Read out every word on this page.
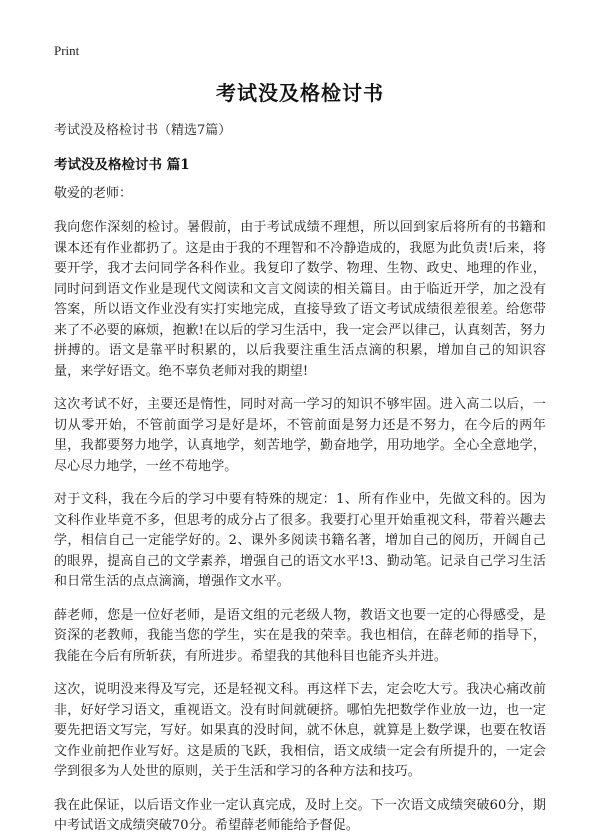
Print
考试没及格检讨书
考试没及格检讨书（精选7篇）
考试没及格检讨书 篇1
敬爱的老师：

我向您作深刻的检讨。暑假前，由于考试成绩不理想，所以回到家后将所有的书籍和课本还有作业都扔了。这是由于我的不理智和不冷静造成的，我愿为此负责!后来，将要开学，我才去问同学各科作业。我复印了数学、物理、生物、政史、地理的作业，同时问到语文作业是现代文阅读和文言文阅读的相关篇目。由于临近开学，加之没有答案，所以语文作业没有实打实地完成，直接导致了语文考试成绩很差很差。给您带来了不必要的麻烦，抱歉!在以后的学习生活中，我一定会严以律己，认真刻苦，努力拼搏的。语文是靠平时积累的，以后我要注重生活点滴的积累，增加自己的知识容量，来学好语文。绝不辜负老师对我的期望!

这次考试不好，主要还是惰性，同时对高一学习的知识不够牢固。进入高二以后，一切从零开始，不管前面学习是好是坏，不管前面是努力还是不努力，在今后的两年里，我都要努力地学，认真地学，刻苦地学，勤奋地学，用功地学。全心全意地学，尽心尽力地学，一丝不苟地学。

对于文科，我在今后的学习中要有特殊的规定：1、所有作业中，先做文科的。因为文科作业毕竟不多，但思考的成分占了很多。我要打心里开始重视文科，带着兴趣去学，相信自己一定能学好的。2、课外多阅读书籍名著，增加自己的阅历，开阔自己的眼界，提高自己的文学素养，增强自己的语文水平!3、勤动笔。记录自己学习生活和日常生活的点点滴滴，增强作文水平。

薛老师，您是一位好老师，是语文组的元老级人物，教语文也要一定的心得感受，是资深的老教师，我能当您的学生，实在是我的荣幸。我也相信，在薛老师的指导下，我能在今后有所斩获，有所进步。希望我的其他科目也能齐头并进。

这次，说明没来得及写完，还是轻视文科。再这样下去，定会吃大亏。我决心痛改前非，好好学习语文，重视语文。没有时间就硬挤。哪怕先把数学作业放一边，也一定要先把语文写完，写好。如果真的没时间，就不休息，就算是上数学课，也要在牧语文作业前把作业写好。这是质的飞跃，我相信，语文成绩一定会有所提升的，一定会学到很多为人处世的原则，关于生活和学习的各种方法和技巧。

我在此保证，以后语文作业一定认真完成，及时上交。下一次语文成绩突破60分，期中考试语文成绩突破70分。希望薛老师能给予督促。
